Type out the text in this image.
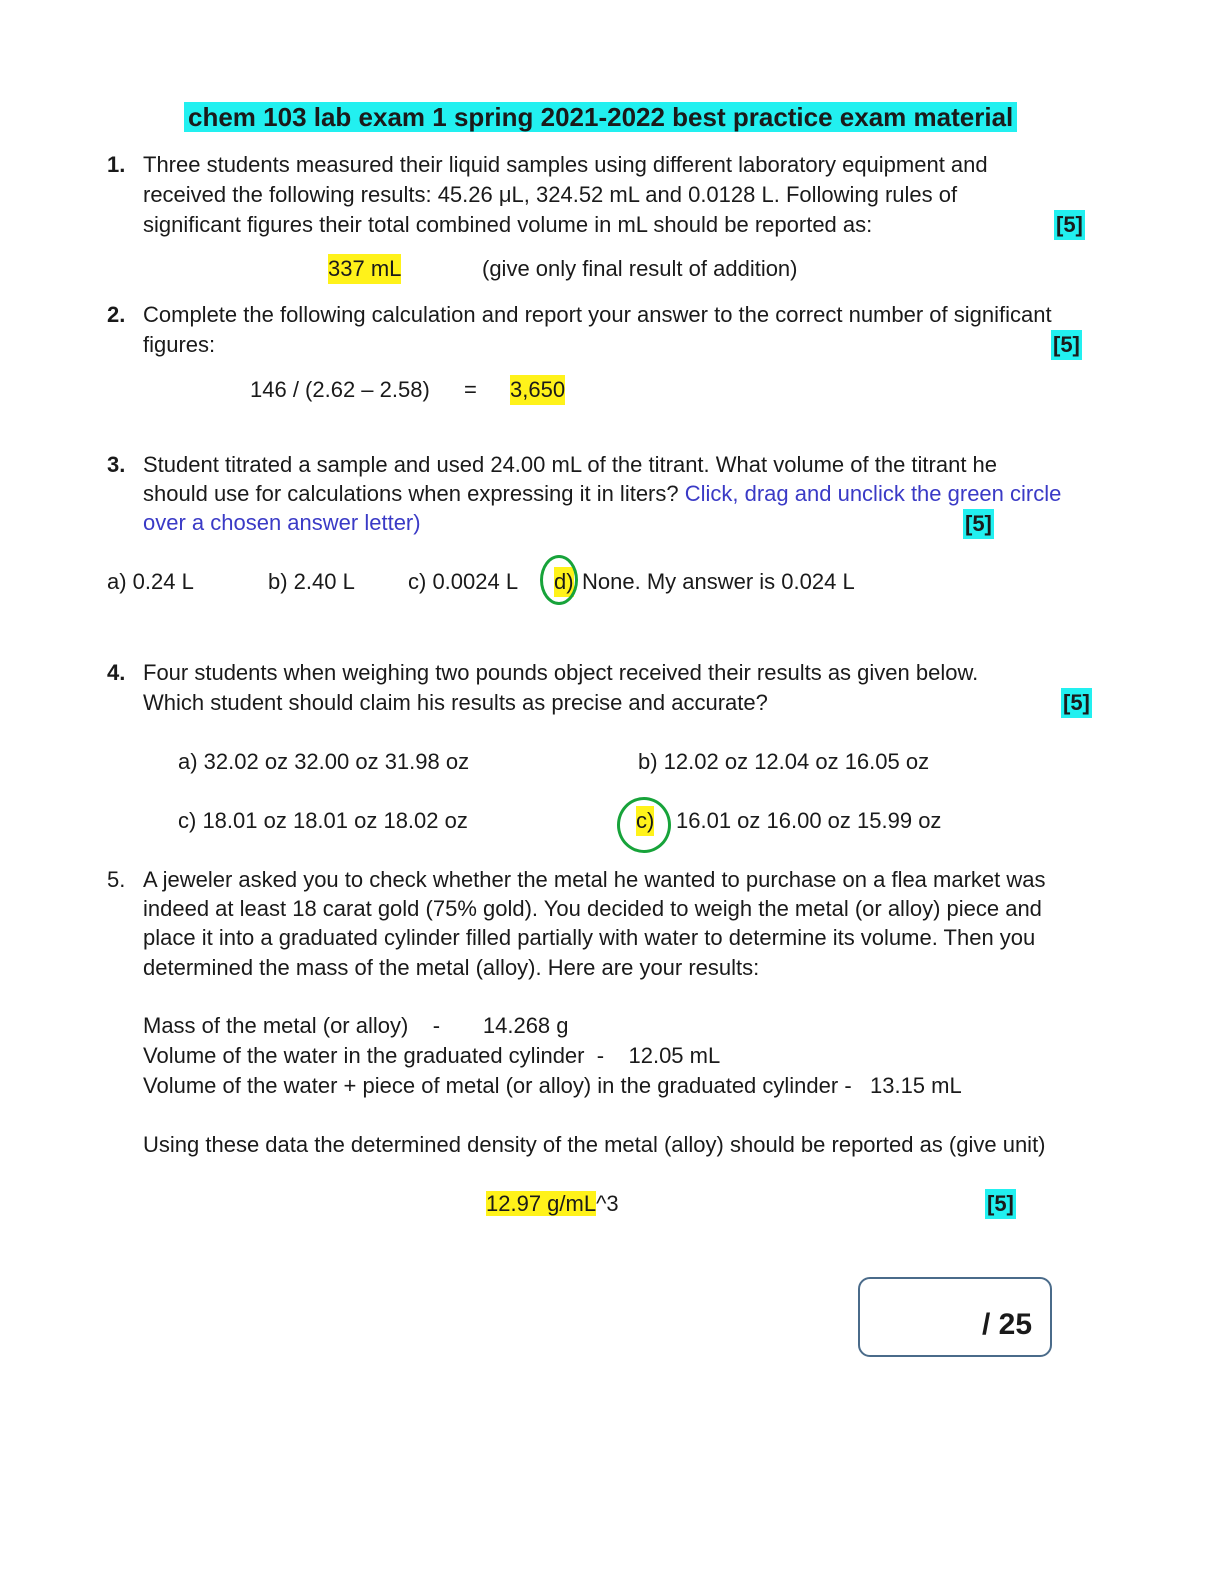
chem 103 lab exam 1 spring 2021-2022 best practice exam material
1. Three students measured their liquid samples using different laboratory equipment and
received the following results: 45.26 μL, 324.52 mL and 0.0128 L. Following rules of
significant figures their total combined volume in mL should be reported as:	[5]
337 mL	(give only final result of addition)
2. Complete the following calculation and report your answer to the correct number of significant
figures:	[5]
146 / (2.62 – 2.58) = 3,650
3. Student titrated a sample and used 24.00 mL of the titrant. What volume of the titrant he
should use for calculations when expressing it in liters? Click, drag and unclick the green circle
over a chosen answer letter)	[5]
a) 0.24 L	b) 2.40 L c) 0.0024 L d) None. My answer is 0.024 L
4. Four students when weighing two pounds object received their results as given below.
Which student should claim his results as precise and accurate?	[5]
a) 32.02 oz 32.00 oz 31.98 oz	b) 12.02 oz 12.04 oz 16.05 oz
c) 18.01 oz 18.01 oz 18.02 oz	c) 16.01 oz 16.00 oz 15.99 oz
5. A jeweler asked you to check whether the metal he wanted to purchase on a flea market was
indeed at least 18 carat gold (75% gold). You decided to weigh the metal (or alloy) piece and
place it into a graduated cylinder filled partially with water to determine its volume. Then you
determined the mass of the metal (alloy). Here are your results:
Mass of the metal (or alloy)    -       14.268 g
Volume of the water in the graduated cylinder  -    12.05 mL
Volume of the water + piece of metal (or alloy) in the graduated cylinder -   13.15 mL
Using these data the determined density of the metal (alloy) should be reported as (give unit)
12.97 g/mL^3	[5]
/ 25
